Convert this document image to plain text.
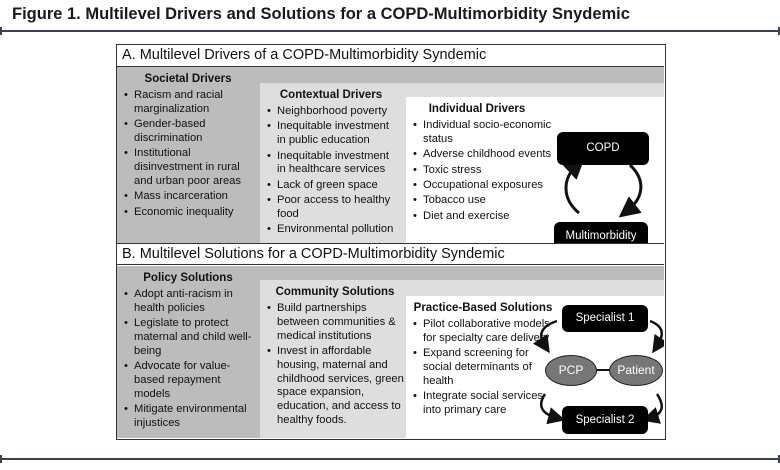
Figure 1. Multilevel Drivers and Solutions for a COPD-Multimorbidity Snydemic
A. Multilevel Drivers of a COPD-Multimorbidity Syndemic
Societal Drivers
• Racism and racial marginalization
• Gender-based discrimination
• Institutional disinvestment in rural and urban poor areas
• Mass incarceration
• Economic inequality
Contextual Drivers
• Neighborhood poverty
• Inequitable investment in public education
• Inequitable investment in healthcare services
• Lack of green space
• Poor access to healthy food
• Environmental pollution
Individual Drivers
• Individual socio-economic status
• Adverse childhood events
• Toxic stress
• Occupational exposures
• Tobacco use
• Diet and exercise
COPD
Multimorbidity
B. Multilevel Solutions for a COPD-Multimorbidity Syndemic
Policy Solutions
• Adopt anti-racism in health policies
• Legislate to protect maternal and child well-being
• Advocate for value-based repayment models
• Mitigate environmental injustices
Community Solutions
• Build partnerships between communities & medical institutions
• Invest in affordable housing, maternal and childhood services, green space expansion, education, and access to healthy foods.
Practice-Based Solutions
• Pilot collaborative models for specialty care delivery
• Expand screening for social determinants of health
• Integrate social services into primary care
Specialist 1
PCP	Patient
Specialist 2
